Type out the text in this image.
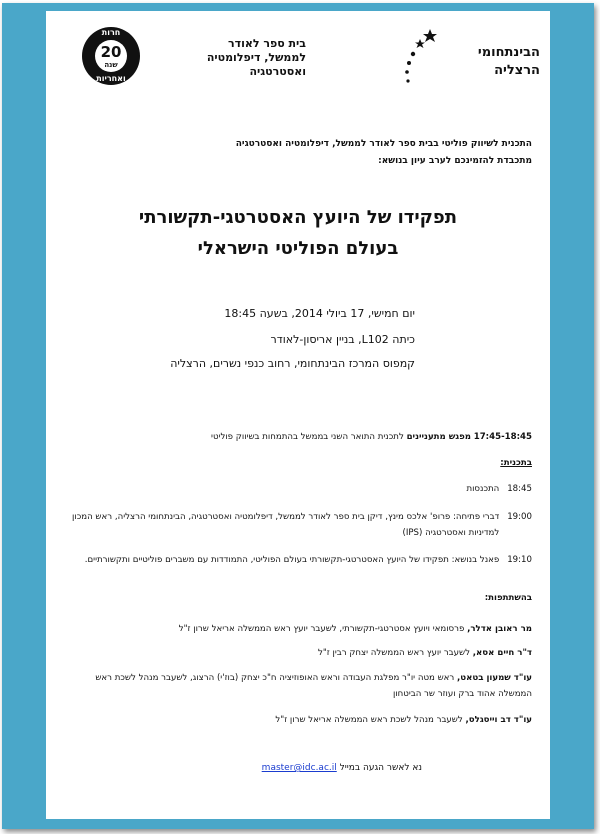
הבינתחומי
הרצליה
בית ספר לאודר
לממשל, דיפלומטיה
ואסטרטגיה
20
שנה
חרות
ואחריות
התכנית לשיווק פוליטי בבית ספר לאודר לממשל, דיפלומטיה ואסטרטגיה
מתכבדת להזמינכם לערב עיון בנושא:
תפקידו של היועץ האסטרטגי-תקשורתי
בעולם הפוליטי הישראלי
יום חמישי, 17 ביולי 2014, בשעה 18:45
כיתה L102, בניין אריסון-לאודר
קמפוס המרכז הבינתחומי, רחוב כנפי נשרים, הרצליה
17:45-18:45 מפגש מתעניינים לתכנית התואר השני בממשל בהתמחות בשיווק פוליטי
בתכנית:
18:45 התכנסות
19:00 דברי פתיחה: פרופ' אלכס מינץ, דיקן בית ספר לאודר לממשל, דיפלומטיה ואסטרטגיה, הבינתחומי הרצליה, ראש המכון למדיניות ואסטרטגיה (IPS)
19:10 פאנל בנושא: תפקידו של היועץ האסטרטגי-תקשורתי בעולם הפוליטי, התמודדות עם משברים פוליטיים ותקשורתיים.
בהשתתפות:
מר ראובן אדלר, פרסומאי ויועץ אסטרטגי-תקשורתי, לשעבר יועץ ראש הממשלה אריאל שרון ז"ל
ד"ר חיים אסא, לשעבר יועץ ראש הממשלה יצחק רבין ז"ל
עו"ד שמעון בטאט, ראש מטה יו"ר מפלגת העבודה וראש האופוזיציה ח"כ יצחק (בוז'י) הרצוג, לשעבר מנהל לשכת ראש הממשלה אהוד ברק ועוזר שר הביטחון
עו"ד דב וייסגלס, לשעבר מנהל לשכת ראש הממשלה אריאל שרון ז"ל
נא לאשר הגעה במייל master@idc.ac.il
